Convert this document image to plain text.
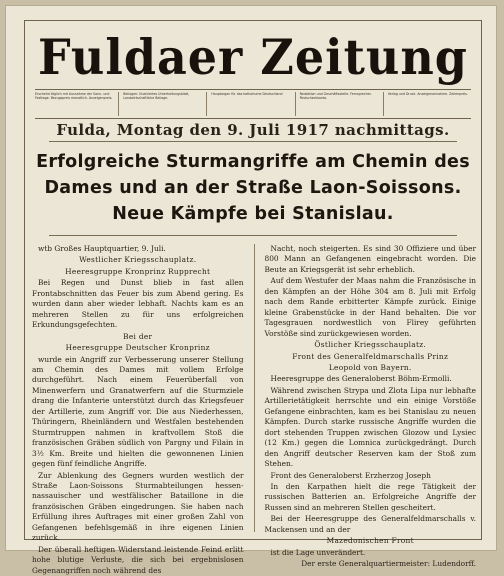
Fuldaer Zeitung
Erscheint täglich mit Ausnahme der Sonn- und Festtage. Bezugspreis monatlich. Anzeigenpreis.
Beilagen: Illustriertes Unterhaltungsblatt, Landwirtschaftliche Beilage.
Hauptorgan für das katholische Deutschland	Redaktion und Geschäftsstelle. Fernsprecher. Postscheckkonto.
Verlag und Druck. Anzeigenannahme. Zeilenpreis.
Fulda, Montag den 9. Juli 1917 nachmittags.
Erfolgreiche Sturmangriffe am Chemin des
Dames und an der Straße Laon-Soissons.
Neue Kämpfe bei Stanislau.

wtb Großes Hauptquartier, 9. Juli.

Westlicher Kriegsschauplatz.

Heeresgruppe Kronprinz Rupprecht

Bei Regen und Dunst blieb in fast allen Frontabschnitten das Feuer bis zum Abend gering. Es wurden dann aber wieder lebhaft. Nachts kam es an mehreren Stellen zu für uns erfolgreichen Erkundungsgefechten.

Bei der

Heeresgruppe Deutscher Kronprinz

wurde ein Angriff zur Verbesserung unserer Stellung am Chemin des Dames mit vollem Erfolge durchgeführt. Nach einem Feuerüberfall von Minenwerfern und Granatwerfern auf die Sturmziele drang die Infanterie unterstützt durch das Kriegsfeuer der Artillerie, zum Angriff vor. Die aus Niederhessen, Thüringern, Rheinländern und Westfalen bestehenden Sturmtruppen nahmen in kraftvollem Stoß die französischen Gräben südlich von Pargny und Filain in 3½ Km. Breite und hielten die gewonnenen Linien gegen fünf feindliche Angriffe.

Zur Ablenkung des Gegners wurden westlich der Straße Laon-Soissons Sturmabteilungen hessen-nassauischer und westfälischer Bataillone in die französischen Gräben eingedrungen. Sie haben nach Erfüllung ihres Auftrages mit einer großen Zahl von Gefangenen befehlsgemäß in ihre eigenen Linien zurück.

Der überall heftigen Widerstand leistende Feind erlitt hohe blutige Verluste, die sich bei ergebnislosen Gegenangriffen noch während des

Nacht, noch steigerten. Es sind 30 Offiziere und über 800 Mann an Gefangenen eingebracht worden. Die Beute an Kriegsgerät ist sehr erheblich.

Auf dem Westufer der Maas nahm die Französische in den Kämpfen an der Höhe 304 am 8. Juli mit Erfolg nach dem Rande erbitterter Kämpfe zurück. Einige kleine Grabenstücke in der Hand behalten. Die vor Tagesgrauen nordwestlich von Flirey geführten Vorstöße sind zurückgewiesen worden.

Östlicher Kriegsschauplatz.

Front des Generalfeldmarschalls Prinz

Leopold von Bayern.

Heeresgruppe des Generaloberst Böhm-Ermolli.

Während zwischen Strypa und Zlota Lipa nur lebhafte Artillerietätigkeit herrschte und ein einige Vorstöße Gefangene einbrachten, kam es bei Stanislau zu neuen Kämpfen. Durch starke russische Angriffe wurden die dort stehenden Truppen zwischen Glozow und Lysiec (12 Km.) gegen die Lomnica zurückgedrängt. Durch den Angriff deutscher Reserven kam der Stoß zum Stehen.

Front des Generaloberst Erzherzog Joseph

In den Karpathen hielt die rege Tätigkeit der russischen Batterien an. Erfolgreiche Angriffe der Russen sind an mehreren Stellen gescheitert.

Bei der Heeresgruppe des Generalfeldmarschalls v. Mackensen und an der

Mazedonischen Front

ist die Lage unverändert.

Der erste Generalquartiermeister: Ludendorff.
